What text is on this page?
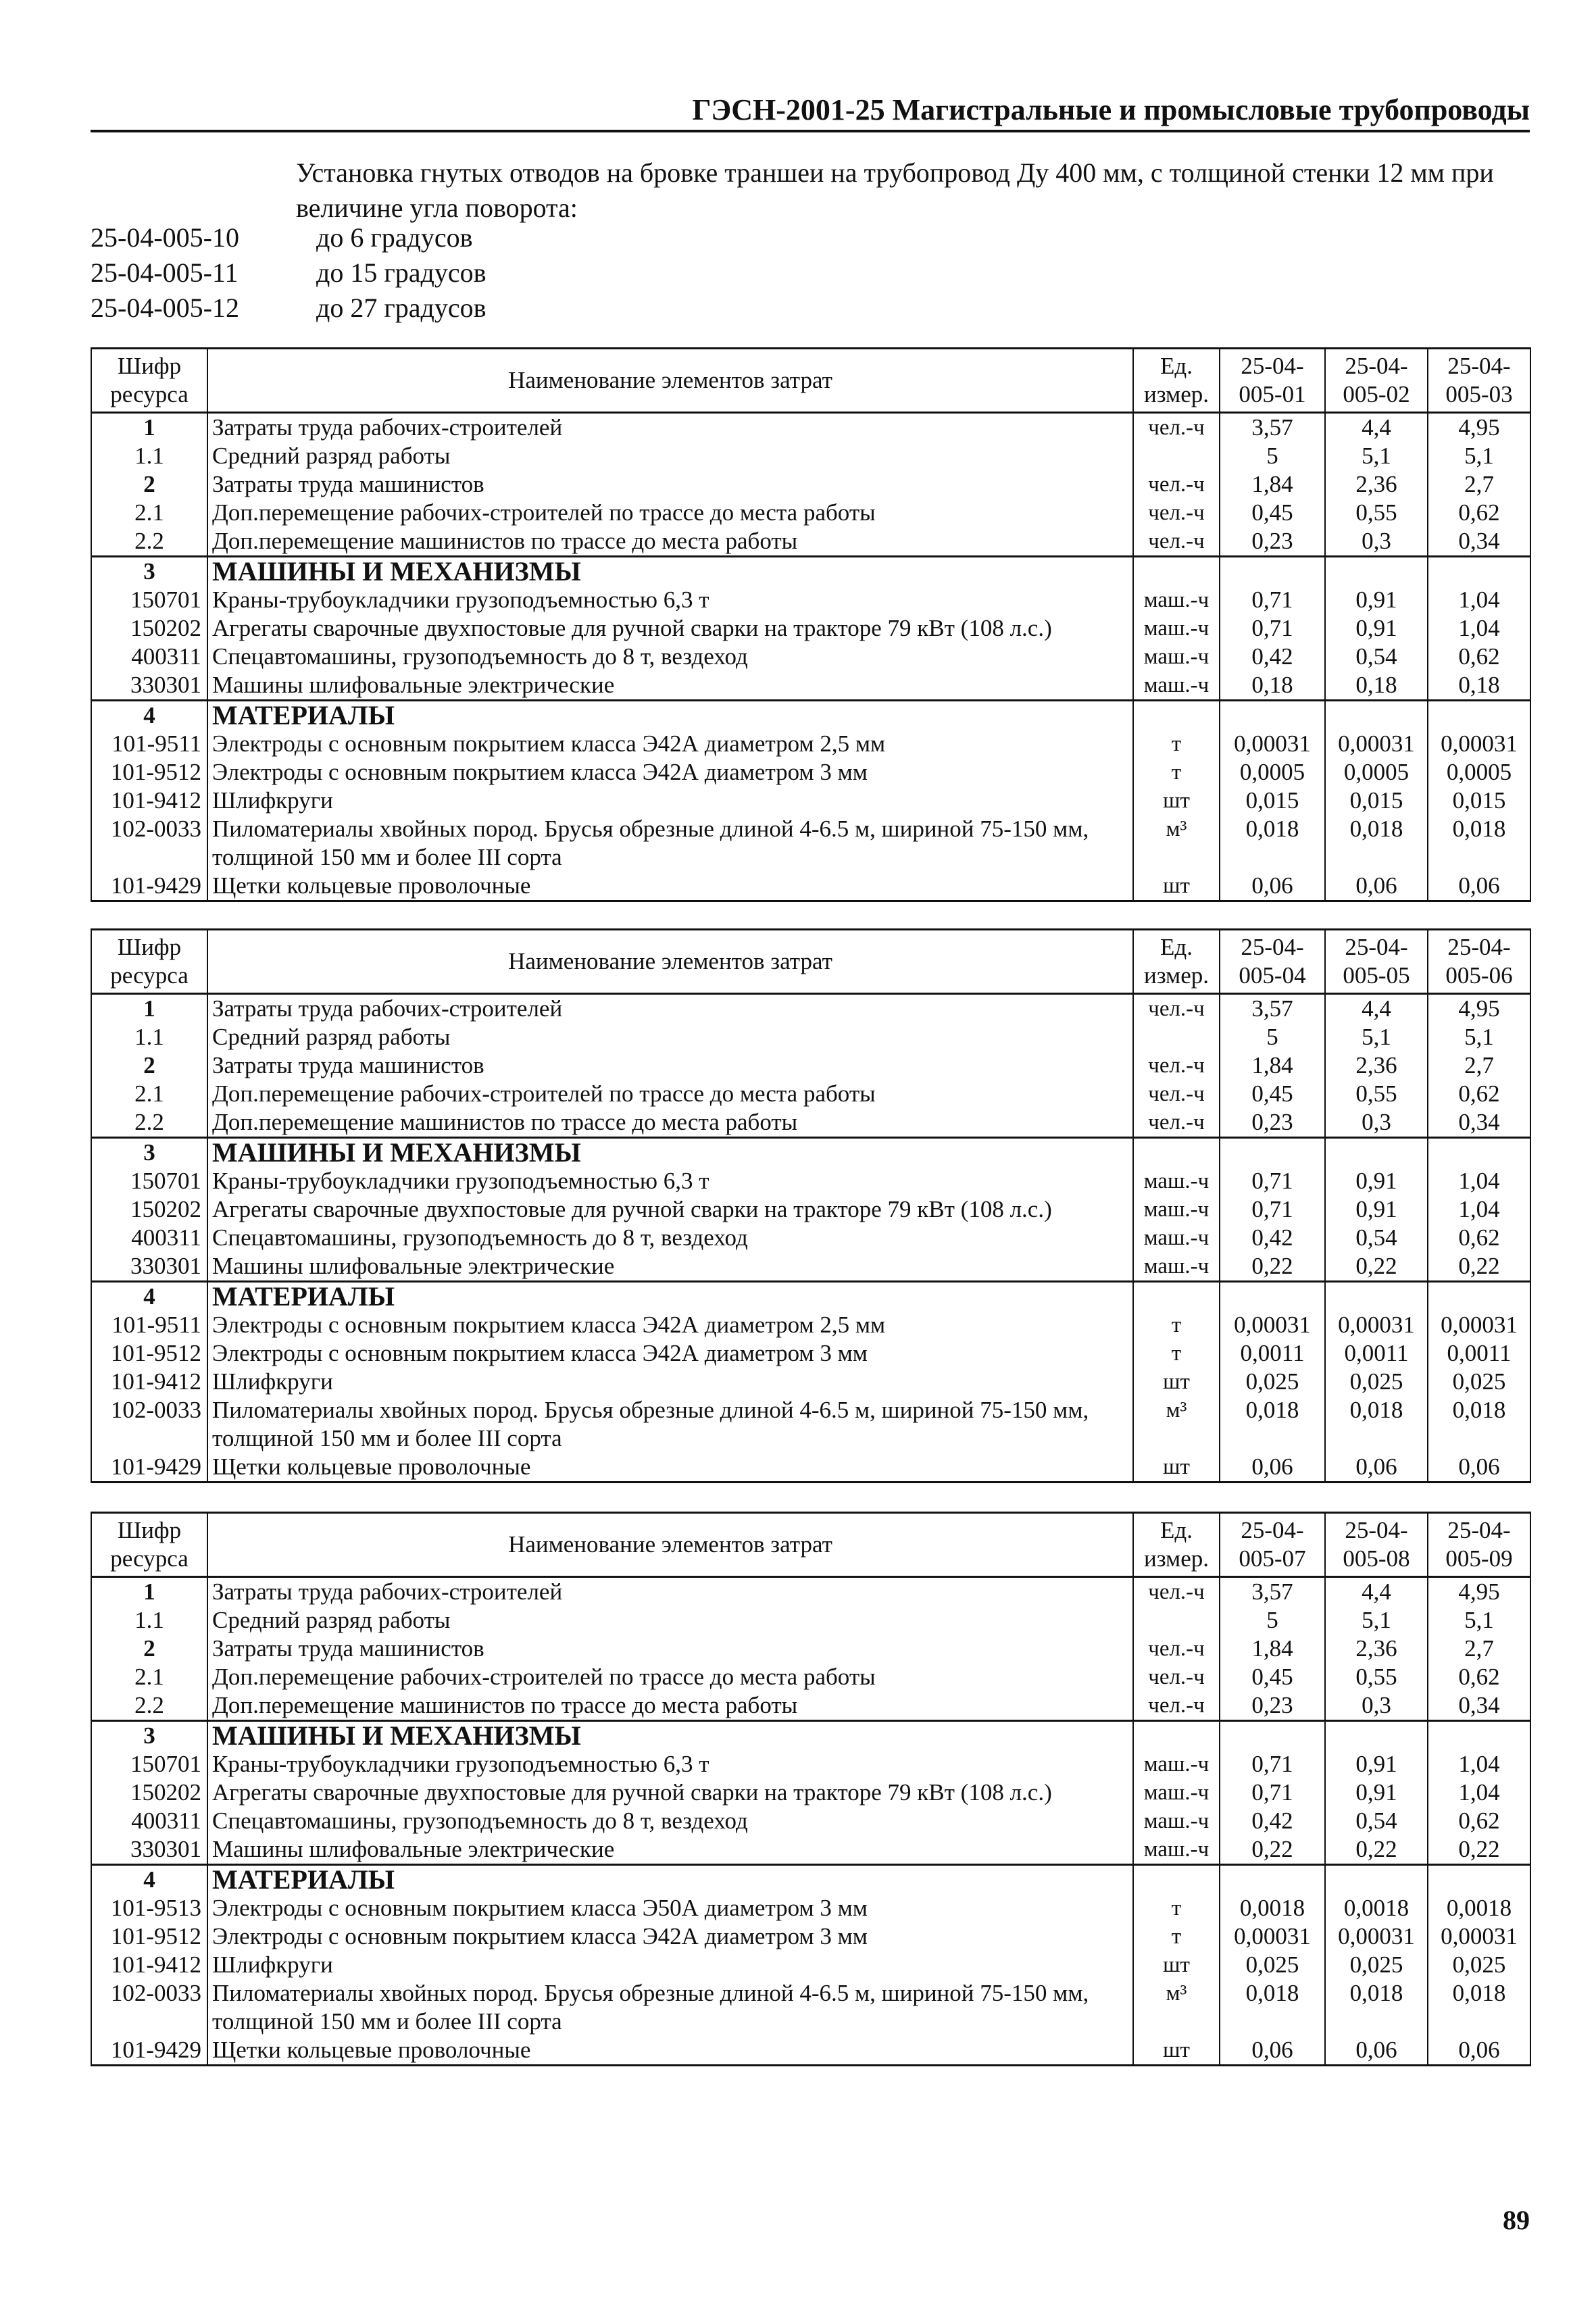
ГЭСН-2001-25 Магистральные и промысловые трубопроводы
Установка гнутых отводов на бровке траншеи на трубопровод Ду 400 мм, с толщиной стенки 12 мм при величине угла поворота:
25-04-005-10	до 6 градусов
25-04-005-11	до 15 градусов
25-04-005-12	до 27 градусов
Шифр ресурса	Наименование элементов затрат	Ед. измер.	25-04-005-01	25-04-005-02	25-04-005-03
1	Затраты труда рабочих-строителей	чел.-ч	3,57	4,4	4,95
1.1	Средний разряд работы		5	5,1	5,1
2	Затраты труда машинистов	чел.-ч	1,84	2,36	2,7
2.1	Доп.перемещение рабочих-строителей по трассе до места работы	чел.-ч	0,45	0,55	0,62
2.2	Доп.перемещение машинистов по трассе до места работы	чел.-ч	0,23	0,3	0,34
3	МАШИНЫ И МЕХАНИЗМЫ				
150701	Краны-трубоукладчики грузоподъемностью 6,3 т	маш.-ч	0,71	0,91	1,04
150202	Агрегаты сварочные двухпостовые для ручной сварки на тракторе 79 кВт (108 л.с.)	маш.-ч	0,71	0,91	1,04
400311	Спецавтомашины, грузоподъемность до 8 т, вездеход	маш.-ч	0,42	0,54	0,62
330301	Машины шлифовальные электрические	маш.-ч	0,18	0,18	0,18
4	МАТЕРИАЛЫ				
101-9511	Электроды с основным покрытием класса Э42А диаметром 2,5 мм	т	0,00031	0,00031	0,00031
101-9512	Электроды с основным покрытием класса Э42А диаметром 3 мм	т	0,0005	0,0005	0,0005
101-9412	Шлифкруги	шт	0,015	0,015	0,015
102-0033	Пиломатериалы хвойных пород. Брусья обрезные длиной 4-6.5 м, шириной 75-150 мм, толщиной 150 мм и более III сорта	м³	0,018	0,018	0,018
101-9429	Щетки кольцевые проволочные	шт	0,06	0,06	0,06
Шифр ресурса	Наименование элементов затрат	Ед. измер.	25-04-005-04	25-04-005-05	25-04-005-06
1	Затраты труда рабочих-строителей	чел.-ч	3,57	4,4	4,95
1.1	Средний разряд работы		5	5,1	5,1
2	Затраты труда машинистов	чел.-ч	1,84	2,36	2,7
2.1	Доп.перемещение рабочих-строителей по трассе до места работы	чел.-ч	0,45	0,55	0,62
2.2	Доп.перемещение машинистов по трассе до места работы	чел.-ч	0,23	0,3	0,34
3	МАШИНЫ И МЕХАНИЗМЫ				
150701	Краны-трубоукладчики грузоподъемностью 6,3 т	маш.-ч	0,71	0,91	1,04
150202	Агрегаты сварочные двухпостовые для ручной сварки на тракторе 79 кВт (108 л.с.)	маш.-ч	0,71	0,91	1,04
400311	Спецавтомашины, грузоподъемность до 8 т, вездеход	маш.-ч	0,42	0,54	0,62
330301	Машины шлифовальные электрические	маш.-ч	0,22	0,22	0,22
4	МАТЕРИАЛЫ				
101-9511	Электроды с основным покрытием класса Э42А диаметром 2,5 мм	т	0,00031	0,00031	0,00031
101-9512	Электроды с основным покрытием класса Э42А диаметром 3 мм	т	0,0011	0,0011	0,0011
101-9412	Шлифкруги	шт	0,025	0,025	0,025
102-0033	Пиломатериалы хвойных пород. Брусья обрезные длиной 4-6.5 м, шириной 75-150 мм, толщиной 150 мм и более III сорта	м³	0,018	0,018	0,018
101-9429	Щетки кольцевые проволочные	шт	0,06	0,06	0,06
Шифр ресурса	Наименование элементов затрат	Ед. измер.	25-04-005-07	25-04-005-08	25-04-005-09
1	Затраты труда рабочих-строителей	чел.-ч	3,57	4,4	4,95
1.1	Средний разряд работы		5	5,1	5,1
2	Затраты труда машинистов	чел.-ч	1,84	2,36	2,7
2.1	Доп.перемещение рабочих-строителей по трассе до места работы	чел.-ч	0,45	0,55	0,62
2.2	Доп.перемещение машинистов по трассе до места работы	чел.-ч	0,23	0,3	0,34
3	МАШИНЫ И МЕХАНИЗМЫ				
150701	Краны-трубоукладчики грузоподъемностью 6,3 т	маш.-ч	0,71	0,91	1,04
150202	Агрегаты сварочные двухпостовые для ручной сварки на тракторе 79 кВт (108 л.с.)	маш.-ч	0,71	0,91	1,04
400311	Спецавтомашины, грузоподъемность до 8 т, вездеход	маш.-ч	0,42	0,54	0,62
330301	Машины шлифовальные электрические	маш.-ч	0,22	0,22	0,22
4	МАТЕРИАЛЫ				
101-9513	Электроды с основным покрытием класса Э50А диаметром 3 мм	т	0,0018	0,0018	0,0018
101-9512	Электроды с основным покрытием класса Э42А диаметром 3 мм	т	0,00031	0,00031	0,00031
101-9412	Шлифкруги	шт	0,025	0,025	0,025
102-0033	Пиломатериалы хвойных пород. Брусья обрезные длиной 4-6.5 м, шириной 75-150 мм, толщиной 150 мм и более III сорта	м³	0,018	0,018	0,018
101-9429	Щетки кольцевые проволочные	шт	0,06	0,06	0,06
89
